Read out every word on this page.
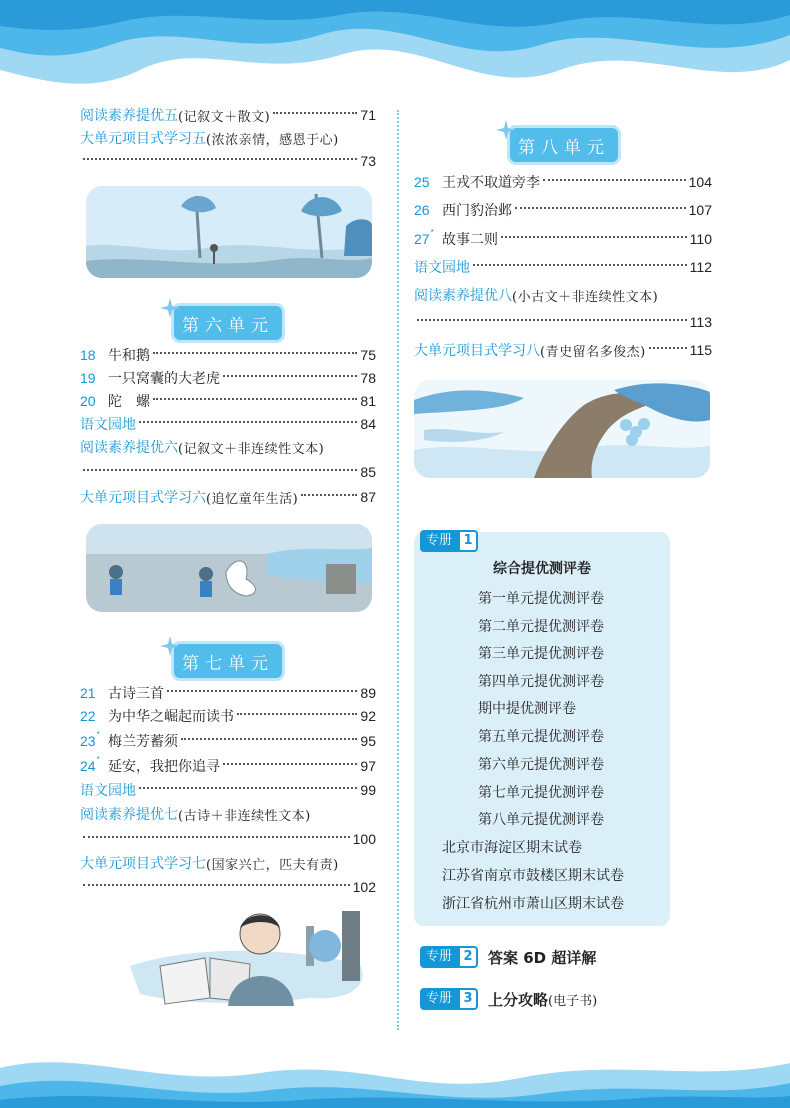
阅读素养提优五 (记叙文＋散文)	71
大单元项目式学习五 (浓浓亲情，感恩于心)
73
第六单元
18 牛和鹅	75
19 一只窝囊的大老虎	78
20 陀　螺	81
语文园地	84
阅读素养提优六 (记叙文＋非连续性文本)
85
大单元项目式学习六 (追忆童年生活)	87
第七单元
21 古诗三首	89
22 为中华之崛起而读书	92
23 * 梅兰芳蓄须	95
24 * 延安，我把你追寻	97
语文园地	99
阅读素养提优七 (古诗＋非连续性文本)
100
大单元项目式学习七 (国家兴亡，匹夫有责)
102
第八单元
25 王戎不取道旁李	104
26 西门豹治邺	107
27 * 故事二则	110
语文园地	112
阅读素养提优八 (小古文＋非连续性文本)
113
大单元项目式学习八 (青史留名多俊杰)	115
专册 1
综合提优测评卷
第一单元提优测评卷
第二单元提优测评卷
第三单元提优测评卷
第四单元提优测评卷
期中提优测评卷
第五单元提优测评卷
第六单元提优测评卷
第七单元提优测评卷
第八单元提优测评卷
北京市海淀区期末试卷
江苏省南京市鼓楼区期末试卷
浙江省杭州市萧山区期末试卷
专册 2	答案 6D 超详解
专册 3	上分攻略(电子书)
